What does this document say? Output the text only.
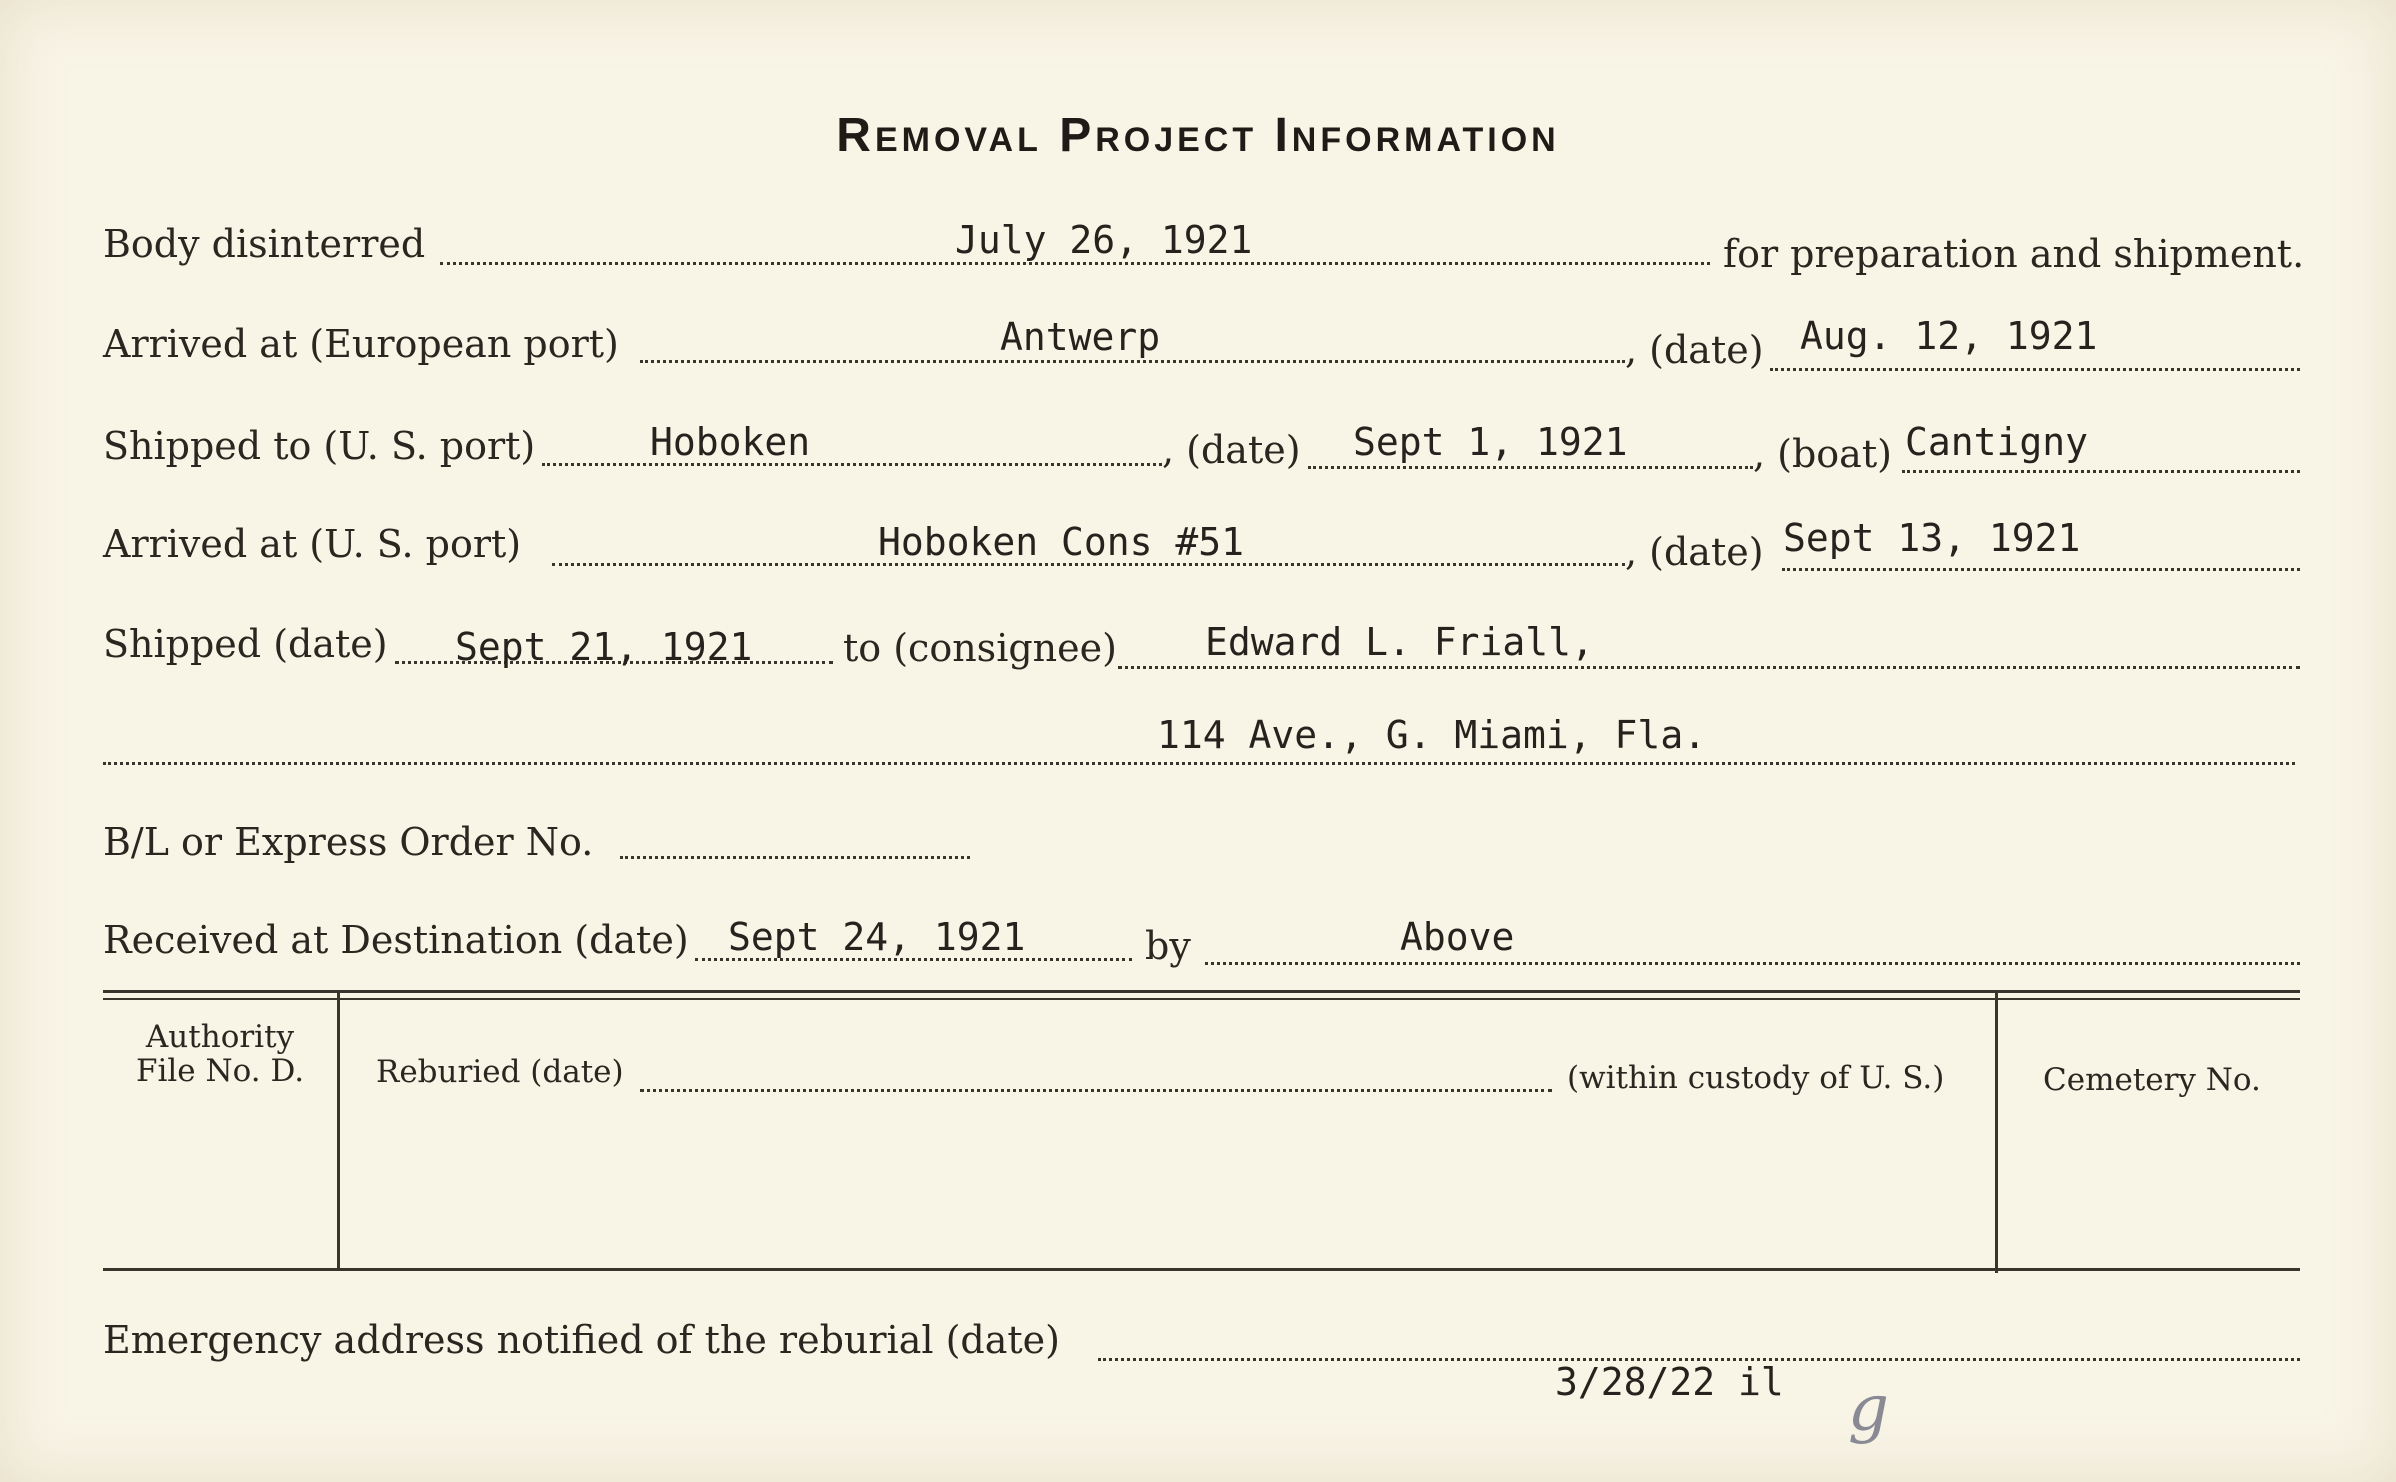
Removal Project Information
Body disinterred	July 26, 1921	for preparation and shipment.
Arrived at (European port)	Antwerp	, (date) Aug. 12, 1921
Shipped to (U. S. port)	Hoboken	, (date) Sept 1, 1921	, (boat) Cantigny
Arrived at (U. S. port)	Hoboken Cons #51	, (date) Sept 13, 1921
Shipped (date) Sept 21, 1921 to (consignee) Edward L. Friall,
114 Ave., G. Miami, Fla.
B/L or Express Order No.
Received at Destination (date) Sept 24, 1921	by	Above
Authority
File No. D.	Reburied (date)	(within custody of U. S.)	Cemetery No.
Emergency address notified of the reburial (date)
3/28/22 il g
